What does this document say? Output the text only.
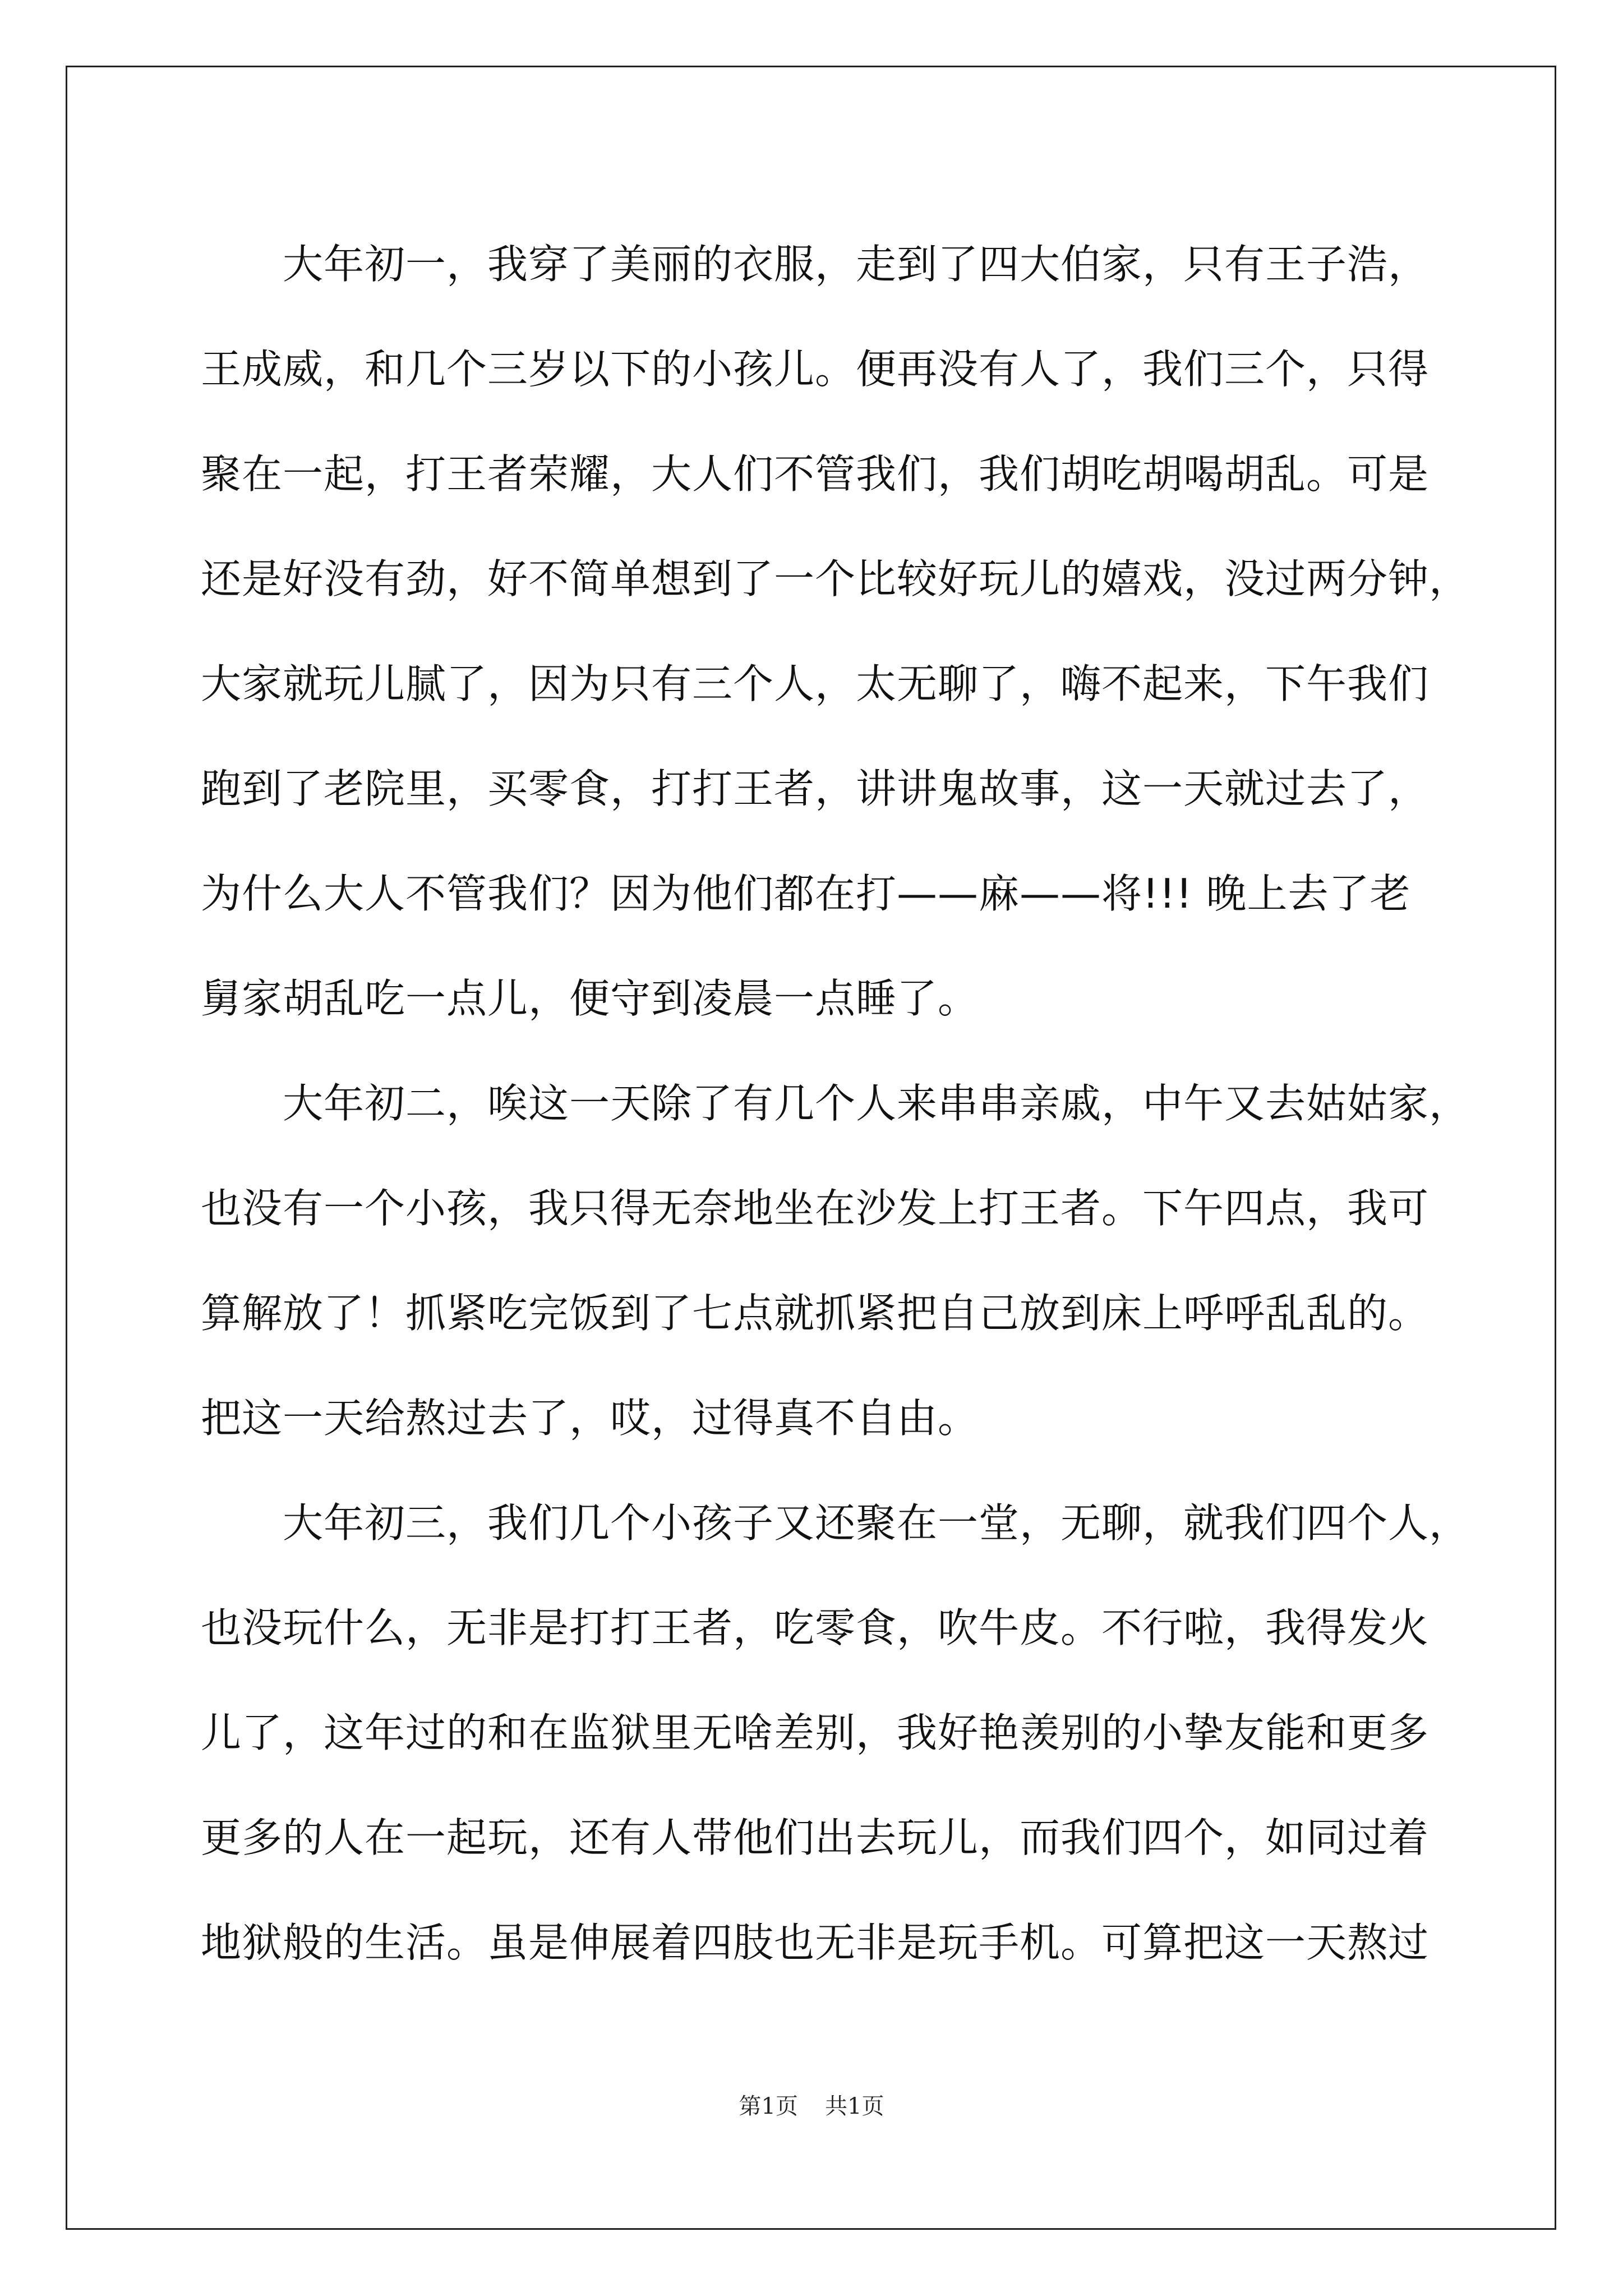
大年初一，我穿了美丽的衣服，走到了四大伯家，只有王子浩，
王成威，和几个三岁以下的小孩儿。便再没有人了，我们三个，只得
聚在一起，打王者荣耀，大人们不管我们，我们胡吃胡喝胡乱。可是
还是好没有劲，好不简单想到了一个比较好玩儿的嬉戏，没过两分钟，
大家就玩儿腻了，因为只有三个人，太无聊了，嗨不起来，下午我们
跑到了老院里，买零食，打打王者，讲讲鬼故事，这一天就过去了，
为什么大人不管我们？因为他们都在打——麻——将!!! 晚上去了老
舅家胡乱吃一点儿，便守到凌晨一点睡了。
大年初二，唉这一天除了有几个人来串串亲戚，中午又去姑姑家，
也没有一个小孩，我只得无奈地坐在沙发上打王者。下午四点，我可
算解放了！抓紧吃完饭到了七点就抓紧把自己放到床上呼呼乱乱的。
把这一天给熬过去了，哎，过得真不自由。
大年初三，我们几个小孩子又还聚在一堂，无聊，就我们四个人，
也没玩什么，无非是打打王者，吃零食，吹牛皮。不行啦，我得发火
儿了，这年过的和在监狱里无啥差别，我好艳羡别的小挚友能和更多
更多的人在一起玩，还有人带他们出去玩儿，而我们四个，如同过着
地狱般的生活。虽是伸展着四肢也无非是玩手机。可算把这一天熬过
第1页 共1页
